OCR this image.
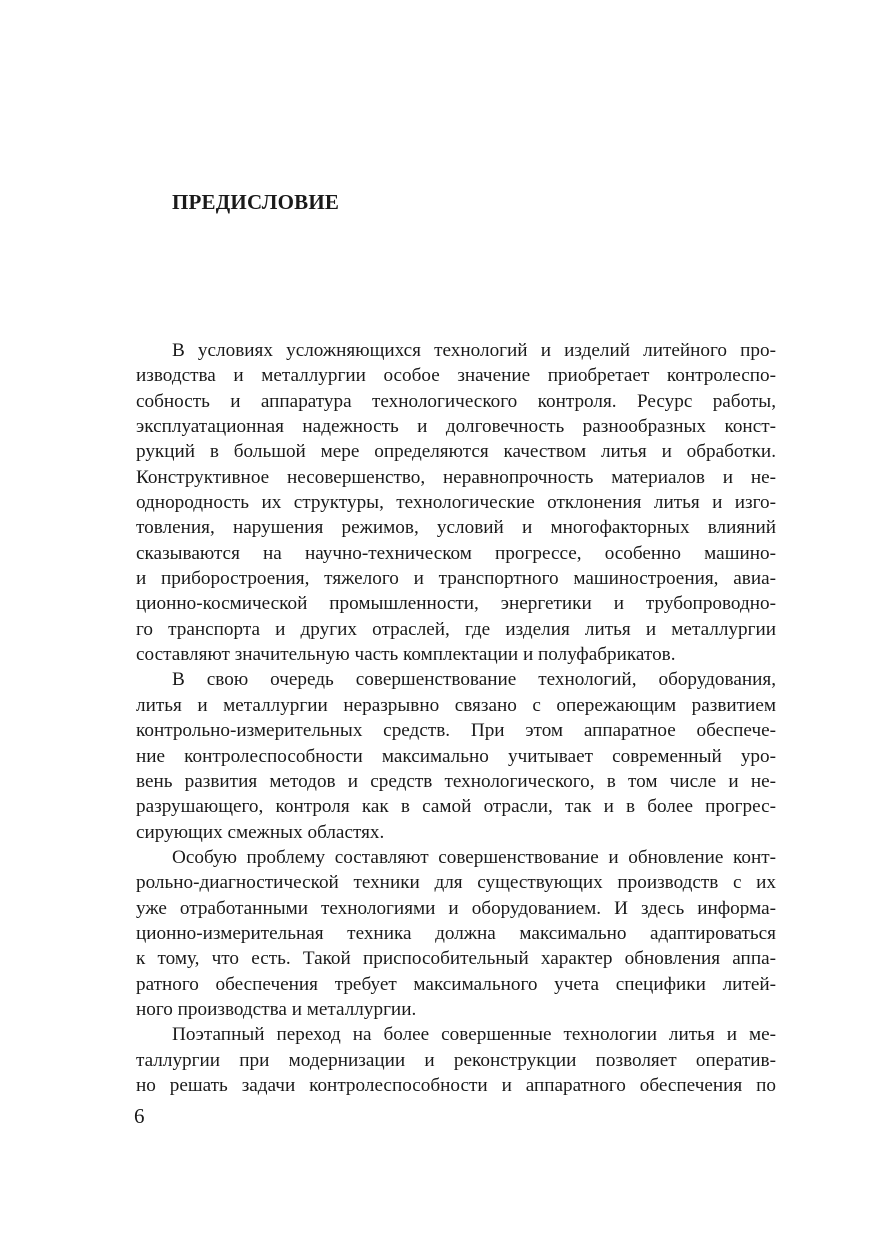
ПРЕДИСЛОВИЕ
В условиях усложняющихся технологий и изделий литейного про-
изводства и металлургии особое значение приобретает контролеспо-
собность и аппаратура технологического контроля. Ресурс работы,
эксплуатационная надежность и долговечность разнообразных конст-
рукций в большой мере определяются качеством литья и обработки.
Конструктивное несовершенство, неравнопрочность материалов и не-
однородность их структуры, технологические отклонения литья и изго-
товления, нарушения режимов, условий и многофакторных влияний
сказываются на научно-техническом прогрессе, особенно машино-
и приборостроения, тяжелого и транспортного машиностроения, авиа-
ционно-космической промышленности, энергетики и трубопроводно-
го транспорта и других отраслей, где изделия литья и металлургии
составляют значительную часть комплектации и полуфабрикатов.
В свою очередь совершенствование технологий, оборудования,
литья и металлургии неразрывно связано с опережающим развитием
контрольно-измерительных средств. При этом аппаратное обеспече-
ние контролеспособности максимально учитывает современный уро-
вень развития методов и средств технологического, в том числе и не-
разрушающего, контроля как в самой отрасли, так и в более прогрес-
сирующих смежных областях.
Особую проблему составляют совершенствование и обновление конт-
рольно-диагностической техники для существующих производств с их
уже отработанными технологиями и оборудованием. И здесь информа-
ционно-измерительная техника должна максимально адаптироваться
к тому, что есть. Такой приспособительный характер обновления аппа-
ратного обеспечения требует максимального учета специфики литей-
ного производства и металлургии.
Поэтапный переход на более совершенные технологии литья и ме-
таллургии при модернизации и реконструкции позволяет оператив-
но решать задачи контролеспособности и аппаратного обеспечения по
6
